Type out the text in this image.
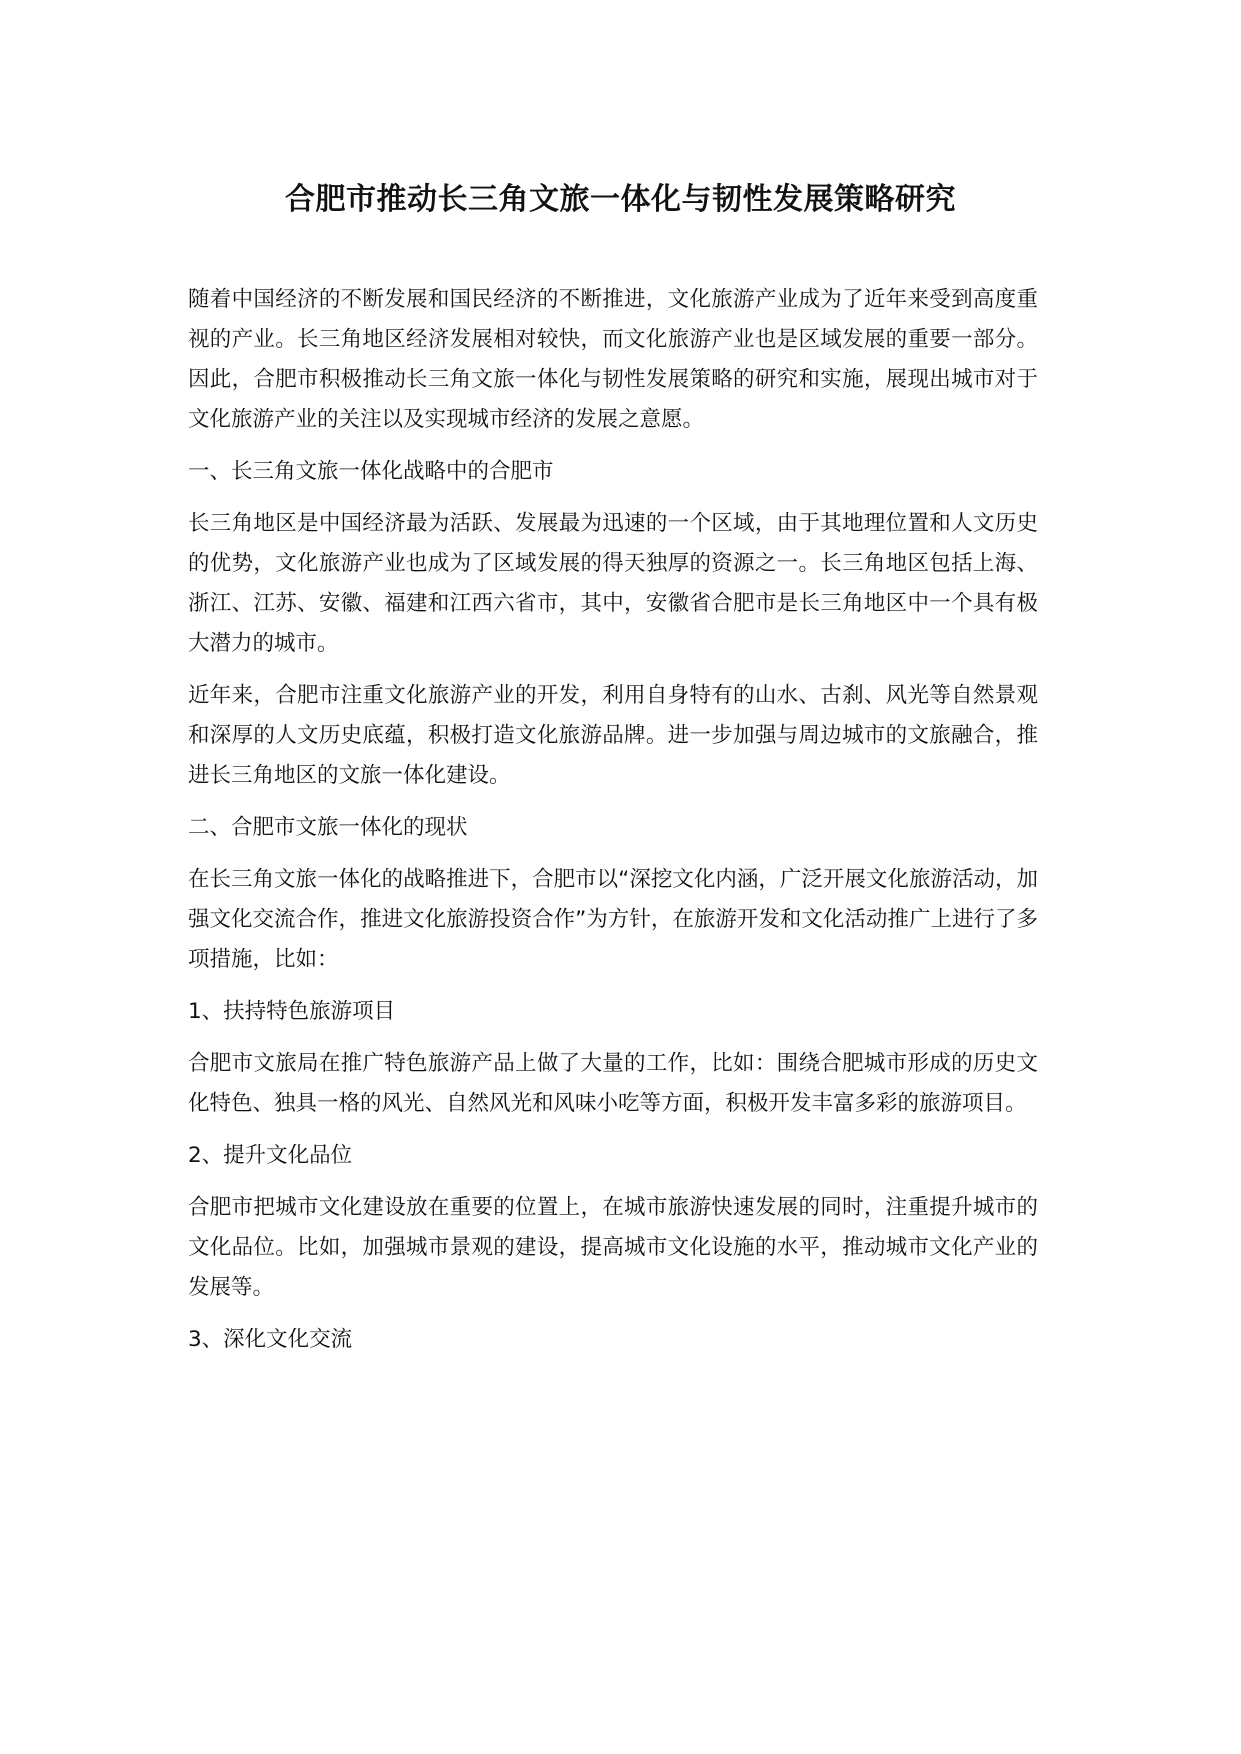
合肥市推动长三角文旅一体化与韧性发展策略研究

随着中国经济的不断发展和国民经济的不断推进，文化旅游产业成为了近年来受到高度重视的产业。长三角地区经济发展相对较快，而文化旅游产业也是区域发展的重要一部分。因此，合肥市积极推动长三角文旅一体化与韧性发展策略的研究和实施，展现出城市对于文化旅游产业的关注以及实现城市经济的发展之意愿。

一、长三角文旅一体化战略中的合肥市

长三角地区是中国经济最为活跃、发展最为迅速的一个区域，由于其地理位置和人文历史的优势，文化旅游产业也成为了区域发展的得天独厚的资源之一。长三角地区包括上海、浙江、江苏、安徽、福建和江西六省市，其中，安徽省合肥市是长三角地区中一个具有极大潜力的城市。

近年来，合肥市注重文化旅游产业的开发，利用自身特有的山水、古刹、风光等自然景观和深厚的人文历史底蕴，积极打造文化旅游品牌。进一步加强与周边城市的文旅融合，推进长三角地区的文旅一体化建设。

二、合肥市文旅一体化的现状

在长三角文旅一体化的战略推进下，合肥市以“深挖文化内涵，广泛开展文化旅游活动，加强文化交流合作，推进文化旅游投资合作”为方针，在旅游开发和文化活动推广上进行了多项措施，比如：

1、扶持特色旅游项目

合肥市文旅局在推广特色旅游产品上做了大量的工作，比如：围绕合肥城市形成的历史文化特色、独具一格的风光、自然风光和风味小吃等方面，积极开发丰富多彩的旅游项目。

2、提升文化品位

合肥市把城市文化建设放在重要的位置上，在城市旅游快速发展的同时，注重提升城市的文化品位。比如，加强城市景观的建设，提高城市文化设施的水平，推动城市文化产业的发展等。

3、深化文化交流
